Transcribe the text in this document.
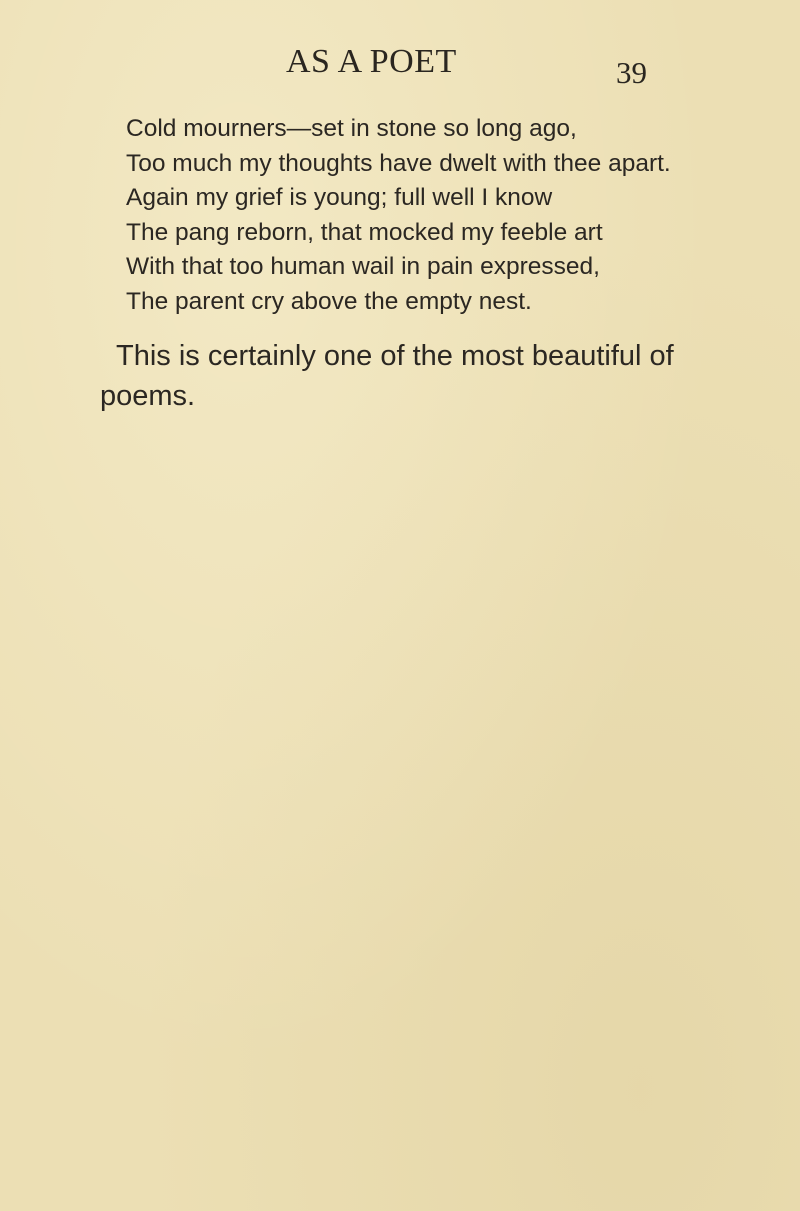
AS A POET	39
Cold mourners—set in stone so long ago,
Too much my thoughts have dwelt with thee apart.
Again my grief is young; full well I know
The pang reborn, that mocked my feeble art
With that too human wail in pain expressed,
The parent cry above the empty nest.

This is certainly one of the most beautiful of
poems.
